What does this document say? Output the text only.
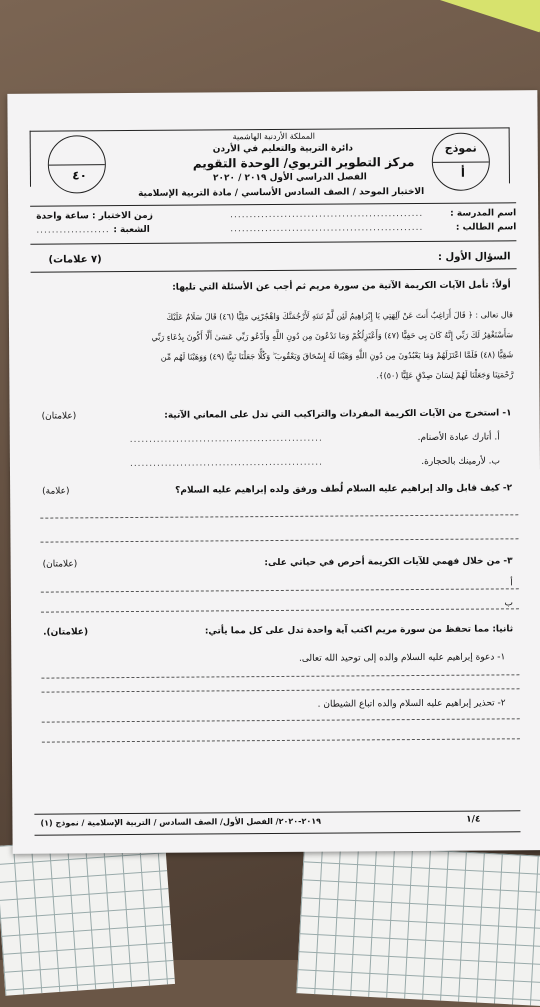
نموذج
أ
٤٠
المملكة الأردنية الهاشمية
دائرة التربية والتعليم في الأردن
مركز التطوير التربوي/ الوحدة التقويم
الفصل الدراسي الأول ٢٠١٩ / ٢٠٢٠
الاختبار الموحد / الصف السادس الأساسي / مادة التربية الإسلامية
اسم المدرسة :
..................................................
اسم الطالب :
..................................................
زمن الاختبار : ساعة واحدة
الشعبة :
...................
السؤال الأول :
(٧ علامات)
أولاً: تأمل الآيات الكريمة الآتية من سورة مريم ثم أجب عن الأسئلة التي تليها:
قال تعالى : ﴿ قَالَ أَرَاغِبٌ أَنتَ عَنْ آلِهَتِي يَا إِبْرَاهِيمُ لَئِن لَّمْ تَنتَهِ لَأَرْجُمَنَّكَ وَاهْجُرْنِي مَلِيًّا (٤٦) قَالَ سَلَامٌ عَلَيْكَ
سَأَسْتَغْفِرُ لَكَ رَبِّي إِنَّهُ كَانَ بِي حَفِيًّا (٤٧) وَأَعْتَزِلُكُمْ وَمَا تَدْعُونَ مِن دُونِ اللَّهِ وَأَدْعُو رَبِّي عَسَىٰ أَلَّا أَكُونَ بِدُعَاءِ رَبِّي
شَقِيًّا (٤٨) فَلَمَّا اعْتَزَلَهُمْ وَمَا يَعْبُدُونَ مِن دُونِ اللَّهِ وَهَبْنَا لَهُ إِسْحَاقَ وَيَعْقُوبَ ۖ وَكُلًّا جَعَلْنَا نَبِيًّا (٤٩) وَوَهَبْنَا لَهُم مِّن
رَّحْمَتِنَا وَجَعَلْنَا لَهُمْ لِسَانَ صِدْقٍ عَلِيًّا (٥٠)﴾.
١- استخرج من الآيات الكريمة المفردات والتراكيب التي تدل على المعاني الآتية:
(علامتان)
أ. أتارك عبادة الأصنام.
..................................................
ب. لأرمينك بالحجارة.
..................................................
٢- كيف قابل والد إبراهيم عليه السلام لُطف ورفق ولده إبراهيم عليه السلام؟
(علامة)
٣- من خلال فهمي للآيات الكريمة أحرص في حياتي على:
(علامتان)
أ
ب
ثانيا: مما تحفظ من سورة مريم اكتب آية واحدة تدل على كل مما يأتي:
(علامتان).
١- دعوة إبراهيم عليه السلام والده إلى توحيد الله تعالى.
٢- تحذير إبراهيم عليه السلام والده اتباع الشيطان .
٢٠١٩-٢٠٢٠/ الفصل الأول/ الصف السادس / التربية الإسلامية / نموذج (١)	١/٤
